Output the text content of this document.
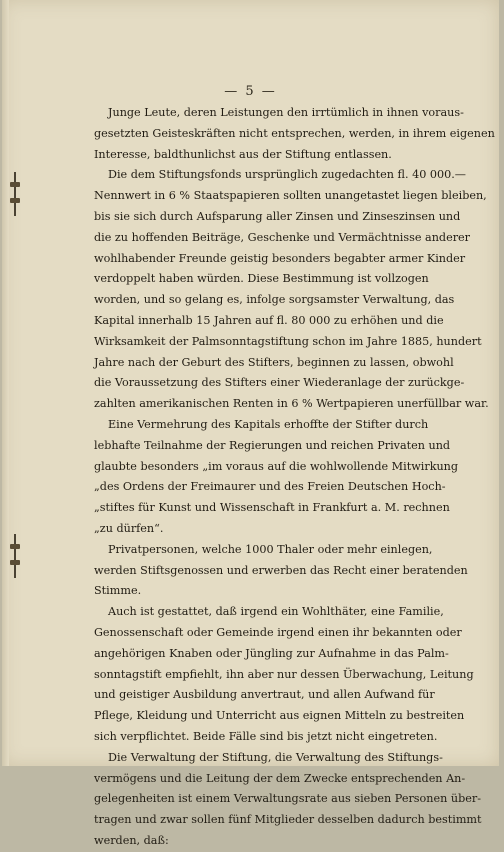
— 5 —
Junge Leute, deren Leistungen den irrtümlich in ihnen voraus-
gesetzten Geisteskräften nicht entsprechen, werden, in ihrem eigenen
Interesse, baldthunlichst aus der Stiftung entlassen.
Die dem Stiftungsfonds ursprünglich zugedachten fl. 40 000.—
Nennwert in 6 % Staatspapieren sollten unangetastet liegen bleiben,
bis sie sich durch Aufsparung aller Zinsen und Zinseszinsen und
die zu hoffenden Beiträge, Geschenke und Vermächtnisse anderer
wohlhabender Freunde geistig besonders begabter armer Kinder
verdoppelt haben würden. Diese Bestimmung ist vollzogen
worden, und so gelang es, infolge sorgsamster Verwaltung, das
Kapital innerhalb 15 Jahren auf fl. 80 000 zu erhöhen und die
Wirksamkeit der Palmsonntagstiftung schon im Jahre 1885, hundert
Jahre nach der Geburt des Stifters, beginnen zu lassen, obwohl
die Voraussetzung des Stifters einer Wiederanlage der zurückge-
zahlten amerikanischen Renten in 6 % Wertpapieren unerfüllbar war.
Eine Vermehrung des Kapitals erhoffte der Stifter durch
lebhafte Teilnahme der Regierungen und reichen Privaten und
glaubte besonders „im voraus auf die wohlwollende Mitwirkung
„des Ordens der Freimaurer und des Freien Deutschen Hoch-
„stiftes für Kunst und Wissenschaft in Frankfurt a. M. rechnen
„zu dürfen“.
Privatpersonen, welche 1000 Thaler oder mehr einlegen,
werden Stiftsgenossen und erwerben das Recht einer beratenden
Stimme.
Auch ist gestattet, daß irgend ein Wohlthäter, eine Familie,
Genossenschaft oder Gemeinde irgend einen ihr bekannten oder
angehörigen Knaben oder Jüngling zur Aufnahme in das Palm-
sonntagstift empfiehlt, ihn aber nur dessen Überwachung, Leitung
und geistiger Ausbildung anvertraut, und allen Aufwand für
Pflege, Kleidung und Unterricht aus eignen Mitteln zu bestreiten
sich verpflichtet. Beide Fälle sind bis jetzt nicht eingetreten.
Die Verwaltung der Stiftung, die Verwaltung des Stiftungs-
vermögens und die Leitung der dem Zwecke entsprechenden An-
gelegenheiten ist einem Verwaltungsrate aus sieben Personen über-
tragen und zwar sollen fünf Mitglieder desselben dadurch bestimmt
werden, daß:
